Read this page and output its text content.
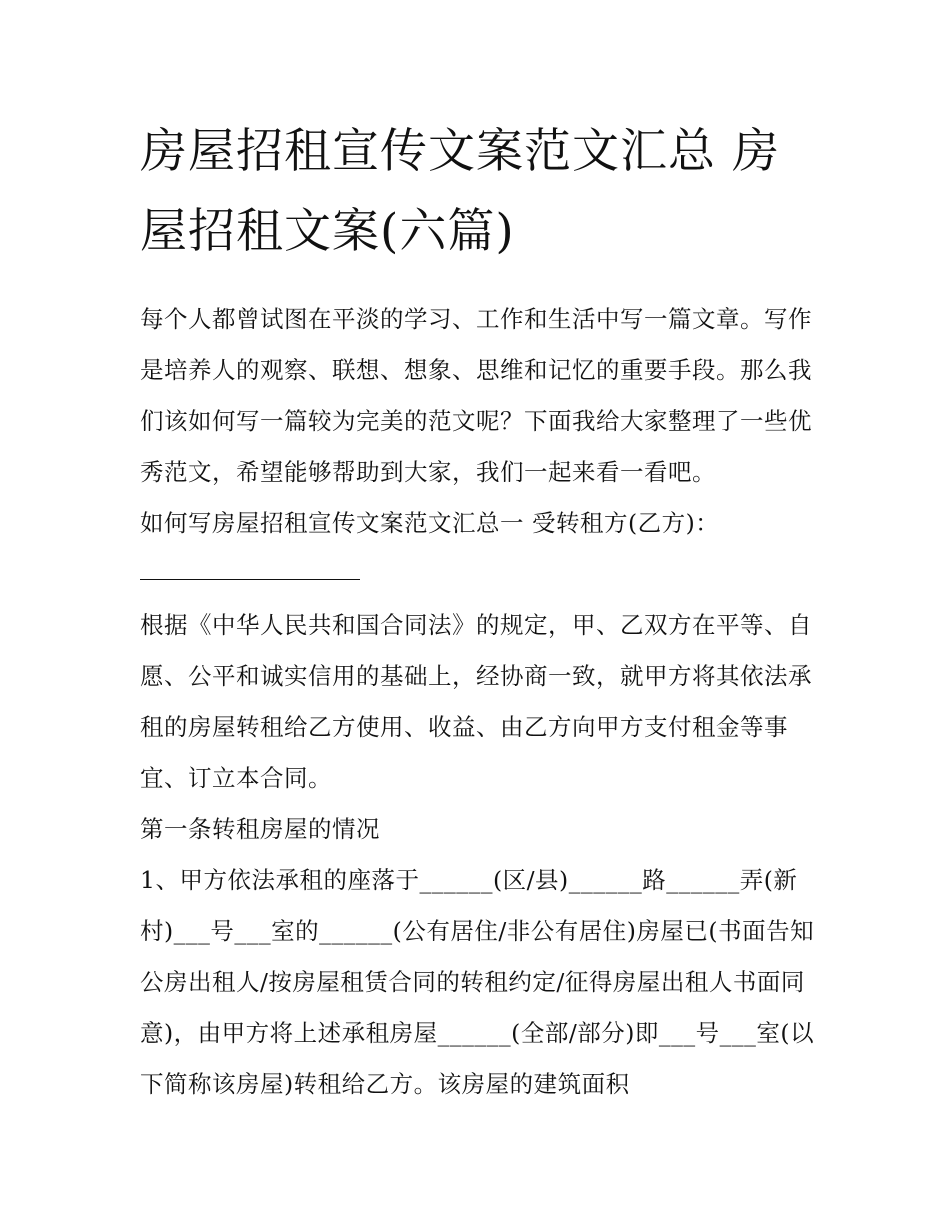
房屋招租宣传文案范文汇总 房屋招租文案(六篇)

每个人都曾试图在平淡的学习、工作和生活中写一篇文章。写作是培养人的观察、联想、想象、思维和记忆的重要手段。那么我们该如何写一篇较为完美的范文呢？下面我给大家整理了一些优秀范文，希望能够帮助到大家，我们一起来看一看吧。

如何写房屋招租宣传文案范文汇总一 受转租方(乙方)：

根据《中华人民共和国合同法》的规定，甲、乙双方在平等、自愿、公平和诚实信用的基础上，经协商一致，就甲方将其依法承租的房屋转租给乙方使用、收益、由乙方向甲方支付租金等事宜、订立本合同。

第一条转租房屋的情况

1、甲方依法承租的座落于______(区/县)______路______弄(新村)___号___室的______(公有居住/非公有居住)房屋已(书面告知公房出租人/按房屋租赁合同的转租约定/征得房屋出租人书面同意)，由甲方将上述承租房屋______(全部/部分)即___号___室(以下简称该房屋)转租给乙方。该房屋的建筑面积
